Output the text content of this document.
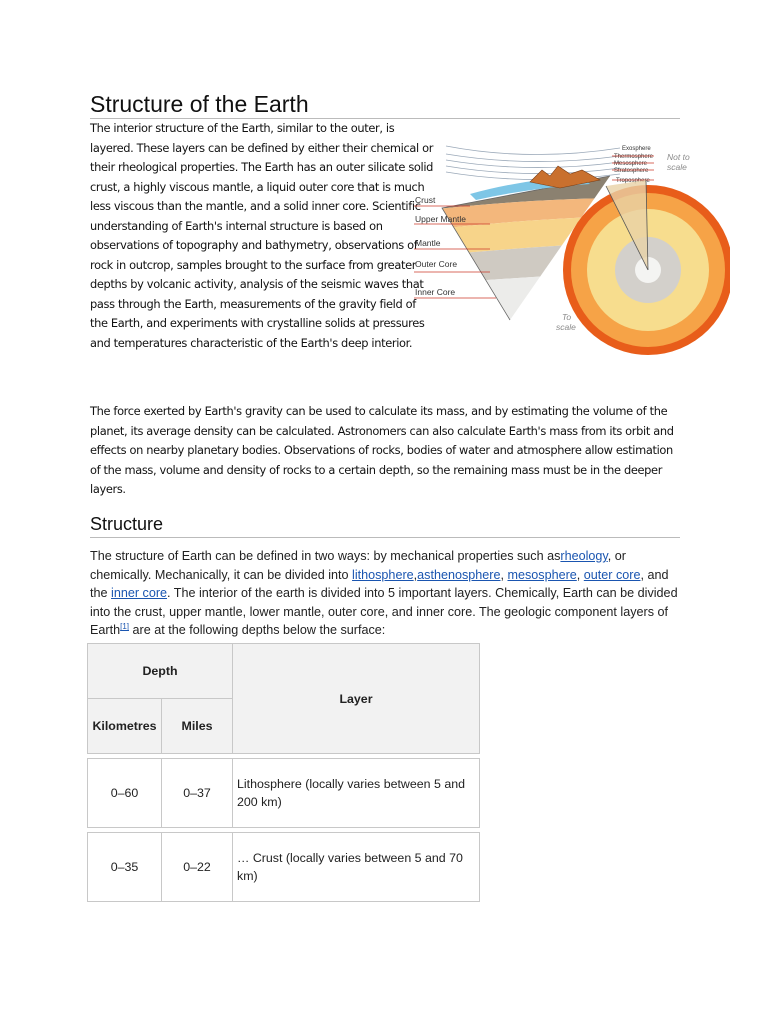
Structure of the Earth

The interior structure of the Earth, similar to the outer, is layered. These layers can be defined by either their chemical or their rheological properties. The Earth has an outer silicate solid crust, a highly viscous mantle, a liquid outer core that is much less viscous than the mantle, and a solid inner core. Scientific understanding of Earth's internal structure is based on observations of topography and bathymetry, observations of rock in outcrop, samples brought to the surface from greater depths by volcanic activity, analysis of the seismic waves that pass through the Earth, measurements of the gravity field of the Earth, and experiments with crystalline solids at pressures and temperatures characteristic of the Earth's deep interior.

Exosphere
Thermosphere
Mesosphere
Stratosphere
Troposphere
Crust
Upper Mantle
Mantle
Outer Core
Inner Core
Not to scale
To scale

The force exerted by Earth's gravity can be used to calculate its mass, and by estimating the volume of the planet, its average density can be calculated. Astronomers can also calculate Earth's mass from its orbit and effects on nearby planetary bodies. Observations of rocks, bodies of water and atmosphere allow estimation of the mass, volume and density of rocks to a certain depth, so the remaining mass must be in the deeper layers.

Structure

The structure of Earth can be defined in two ways: by mechanical properties such asrheology, or chemically. Mechanically, it can be divided into lithosphere,asthenosphere, mesosphere, outer core, and the inner core. The interior of the earth is divided into 5 important layers. Chemically, Earth can be divided into the crust, upper mantle, lower mantle, outer core, and inner core. The geologic component layers of Earth[1] are at the following depths below the surface:

Depth		Layer
Kilometres	Miles	

0–60	0–37	Lithosphere (locally varies between 5 and 200 km)

0–35	0–22	… Crust (locally varies between 5 and 70 km)
